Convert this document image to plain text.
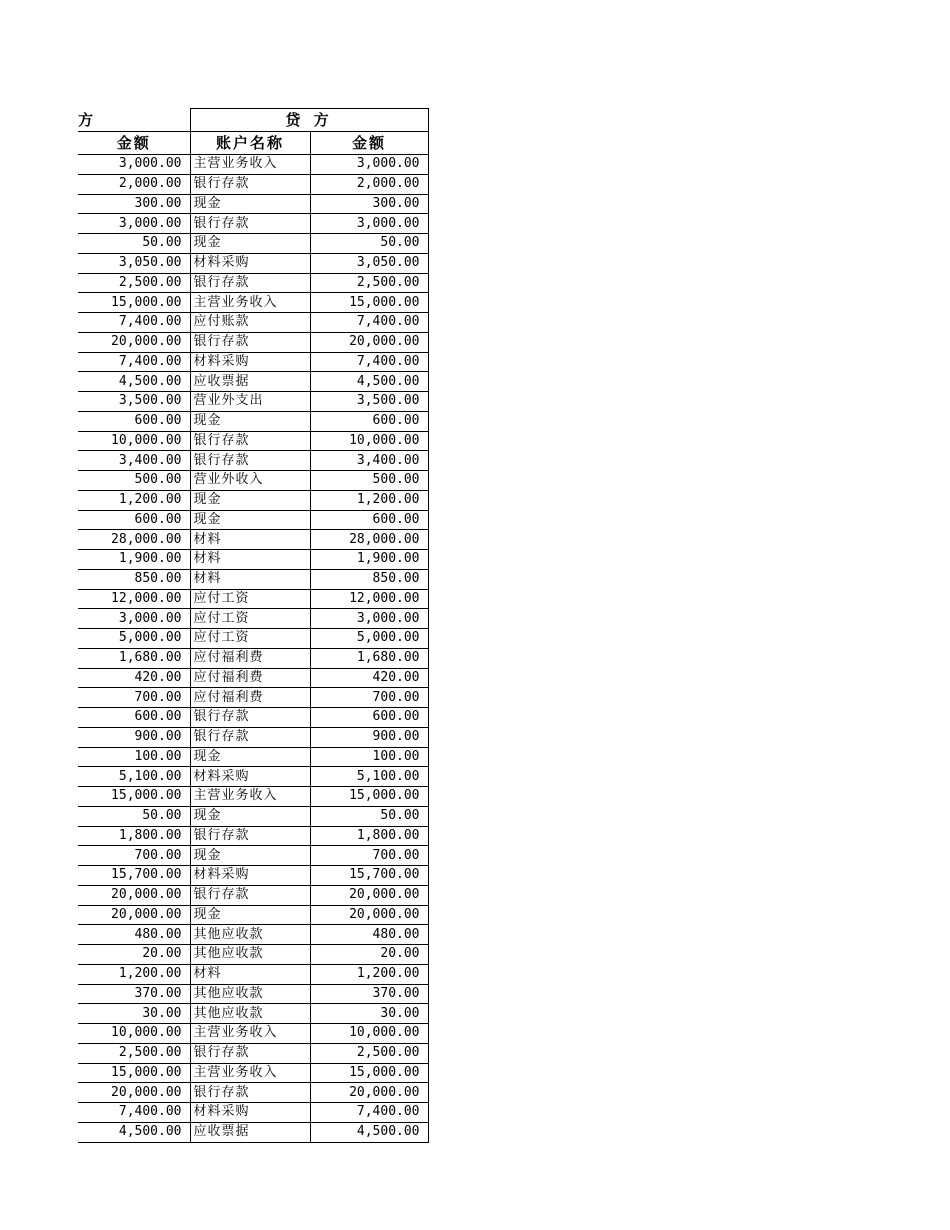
方	贷 方	
金额	账户名称	金额
3,000.00	主营业务收入	3,000.00
2,000.00	银行存款	2,000.00
300.00	现金	300.00
3,000.00	银行存款	3,000.00
50.00	现金	50.00
3,050.00	材料采购	3,050.00
2,500.00	银行存款	2,500.00
15,000.00	主营业务收入	15,000.00
7,400.00	应付账款	7,400.00
20,000.00	银行存款	20,000.00
7,400.00	材料采购	7,400.00
4,500.00	应收票据	4,500.00
3,500.00	营业外支出	3,500.00
600.00	现金	600.00
10,000.00	银行存款	10,000.00
3,400.00	银行存款	3,400.00
500.00	营业外收入	500.00
1,200.00	现金	1,200.00
600.00	现金	600.00
28,000.00	材料	28,000.00
1,900.00	材料	1,900.00
850.00	材料	850.00
12,000.00	应付工资	12,000.00
3,000.00	应付工资	3,000.00
5,000.00	应付工资	5,000.00
1,680.00	应付福利费	1,680.00
420.00	应付福利费	420.00
700.00	应付福利费	700.00
600.00	银行存款	600.00
900.00	银行存款	900.00
100.00	现金	100.00
5,100.00	材料采购	5,100.00
15,000.00	主营业务收入	15,000.00
50.00	现金	50.00
1,800.00	银行存款	1,800.00
700.00	现金	700.00
15,700.00	材料采购	15,700.00
20,000.00	银行存款	20,000.00
20,000.00	现金	20,000.00
480.00	其他应收款	480.00
20.00	其他应收款	20.00
1,200.00	材料	1,200.00
370.00	其他应收款	370.00
30.00	其他应收款	30.00
10,000.00	主营业务收入	10,000.00
2,500.00	银行存款	2,500.00
15,000.00	主营业务收入	15,000.00
20,000.00	银行存款	20,000.00
7,400.00	材料采购	7,400.00
4,500.00	应收票据	4,500.00
